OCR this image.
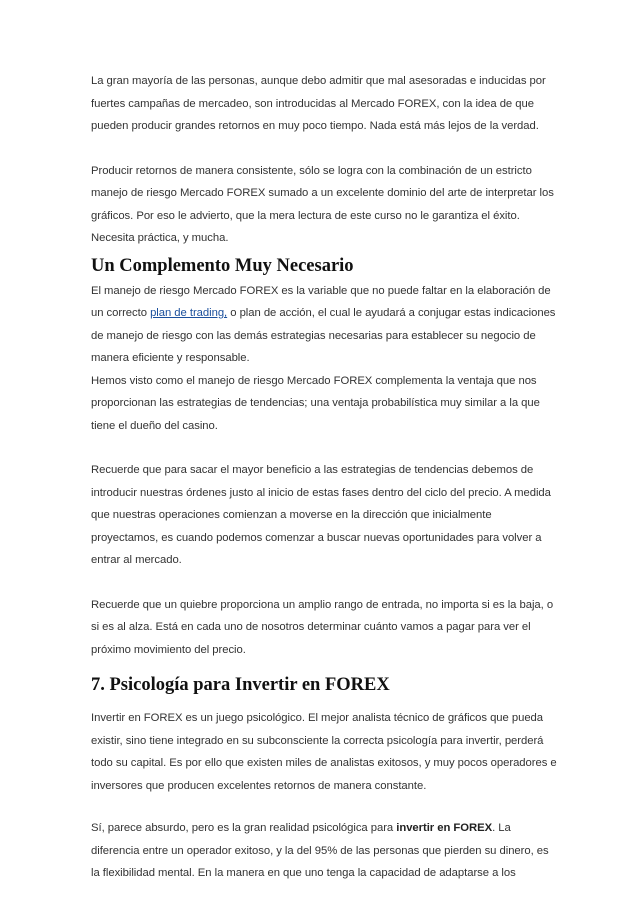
La gran mayoría de las personas, aunque debo admitir que mal asesoradas e inducidas por fuertes campañas de mercadeo, son introducidas al Mercado FOREX, con la idea de que pueden producir grandes retornos en muy poco tiempo. Nada está más lejos de la verdad.

Producir retornos de manera consistente, sólo se logra con la combinación de un estricto manejo de riesgo Mercado FOREX sumado a un excelente dominio del arte de interpretar los gráficos. Por eso le advierto, que la mera lectura de este curso no le garantiza el éxito. Necesita práctica, y mucha.

Un Complemento Muy Necesario

El manejo de riesgo Mercado FOREX es la variable que no puede faltar en la elaboración de un correcto plan de trading, o plan de acción, el cual le ayudará a conjugar estas indicaciones de manejo de riesgo con las demás estrategias necesarias para establecer su negocio de manera eficiente y responsable.

Hemos visto como el manejo de riesgo Mercado FOREX complementa la ventaja que nos proporcionan las estrategias de tendencias; una ventaja probabilística muy similar a la que tiene el dueño del casino.

Recuerde que para sacar el mayor beneficio a las estrategias de tendencias debemos de introducir nuestras órdenes justo al inicio de estas fases dentro del ciclo del precio. A medida que nuestras operaciones comienzan a moverse en la dirección que inicialmente proyectamos, es cuando podemos comenzar a buscar nuevas oportunidades para volver a entrar al mercado.

Recuerde que un quiebre proporciona un amplio rango de entrada, no importa si es la baja, o si es al alza. Está en cada uno de nosotros determinar cuánto vamos a pagar para ver el próximo movimiento del precio.

7. Psicología para Invertir en FOREX

Invertir en FOREX es un juego psicológico. El mejor analista técnico de gráficos que pueda existir, sino tiene integrado en su subconsciente la correcta psicología para invertir, perderá todo su capital. Es por ello que existen miles de analistas exitosos, y muy pocos operadores e inversores que producen excelentes retornos de manera constante.

Sí, parece absurdo, pero es la gran realidad psicológica para invertir en FOREX. La diferencia entre un operador exitoso, y la del 95% de las personas que pierden su dinero, es la flexibilidad mental. En la manera en que uno tenga la capacidad de adaptarse a los
